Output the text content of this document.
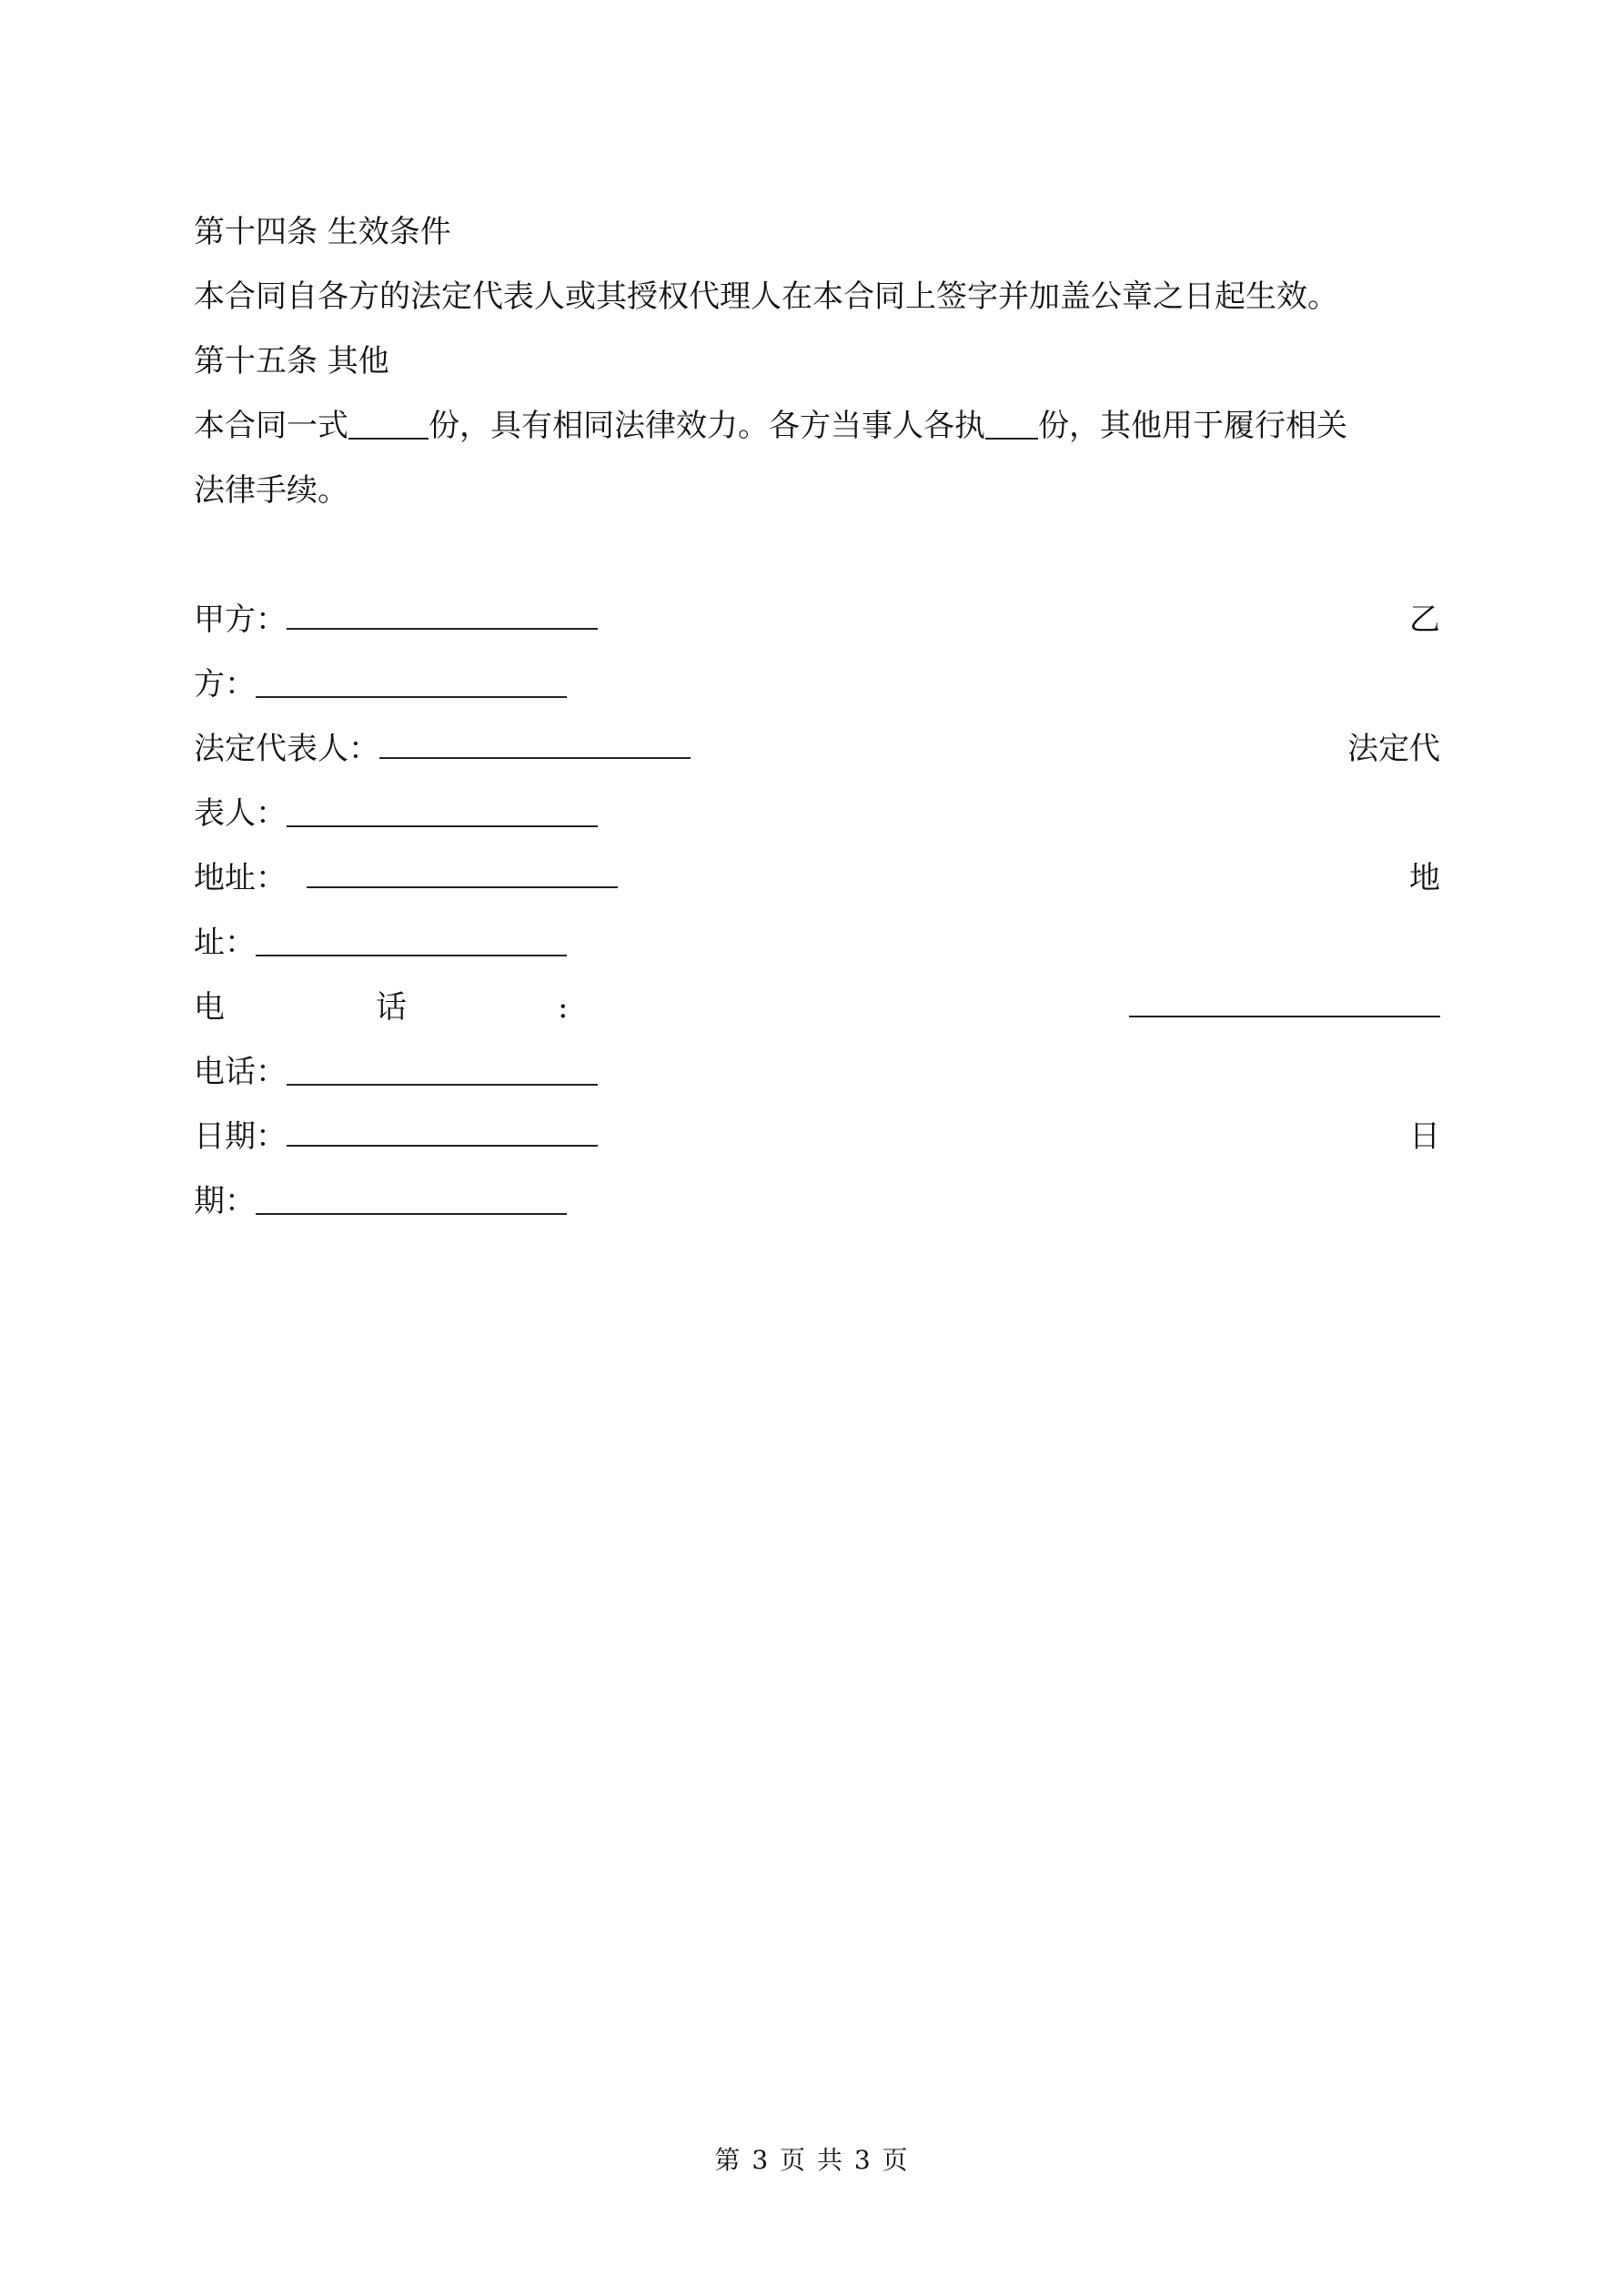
第十四条 生效条件
本合同自各方的法定代表人或其授权代理人在本合同上签字并加盖公章之日起生效。
第十五条 其他
本合同一式	份，具有相同法律效力。各方当事人各执 份，其他用于履行相关
法律手续。
甲方：	乙
方：
法定代表人：	法定代
表人：
地址：	地
址：
电	话	:
电话：
日期：	日
期：
第 3 页 共 3 页
